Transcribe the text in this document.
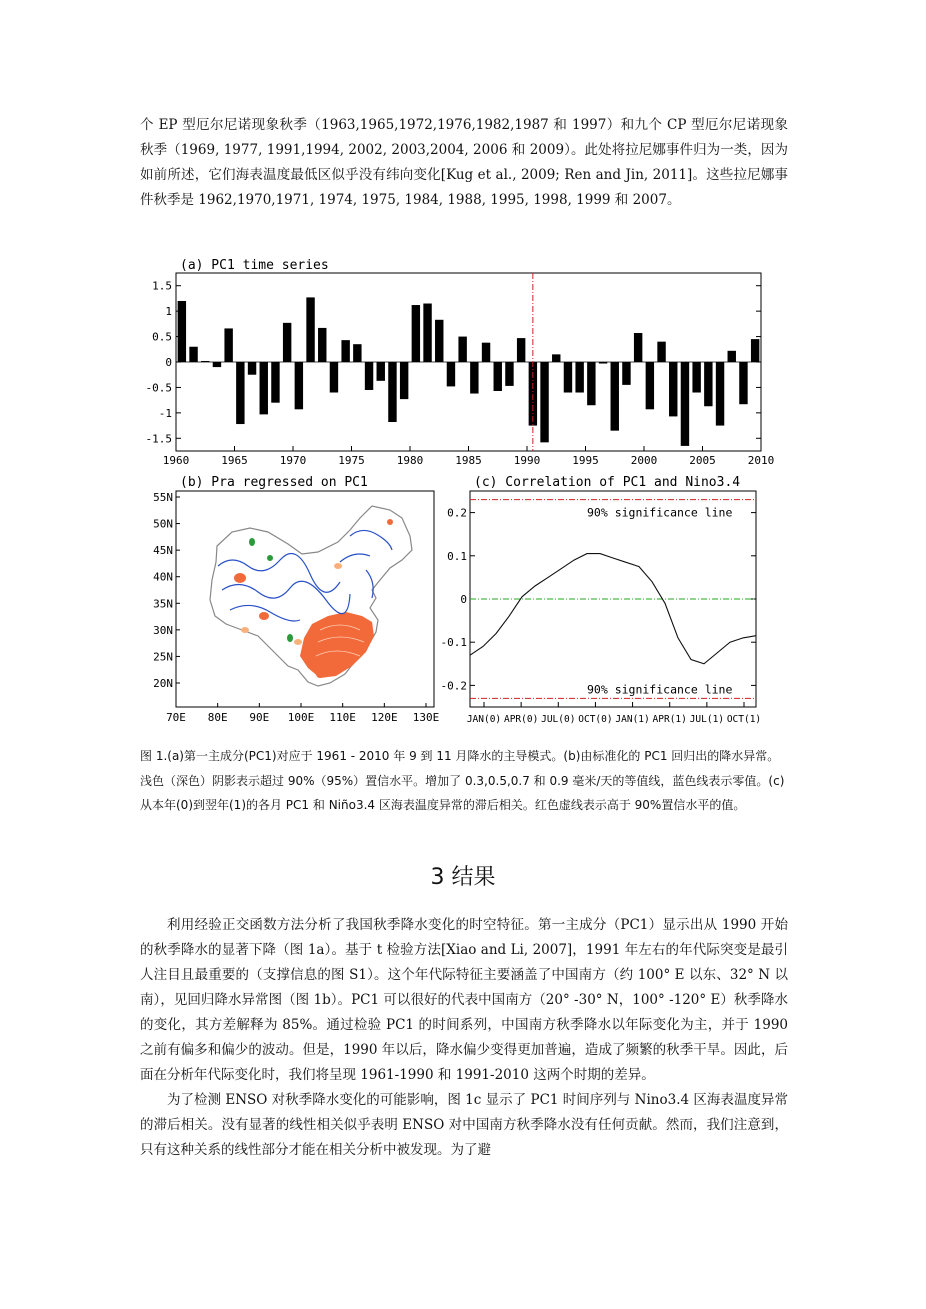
个 EP 型厄尔尼诺现象秋季（1963,1965,1972,1976,1982,1987 和 1997）和九个 CP 型厄尔尼诺现象秋季（1969, 1977, 1991,1994, 2002, 2003,2004, 2006 和 2009）。此处将拉尼娜事件归为一类，因为如前所述，它们海表温度最低区似乎没有纬向变化[Kug et al., 2009; Ren and Jin, 2011]。这些拉尼娜事件秋季是 1962,1970,1971, 1974, 1975, 1984, 1988, 1995, 1998, 1999 和 2007。

(a) PC1 time series
1.5
1
0.5
0
-0.5
-1
-1.5
1960	1965	1970	1975	1980	1985	1990	1995	2000	2005	2010
(b) Pra regressed on PC1
70E 80E 90E 100E 110E 120E 130E
55N
50N
45N
40N
35N
30N
25N
20N
(c) Correlation of PC1 and Nino3.4
0.2
0.1
0
-0.1
-0.2
JAN(0) APR(0) JUL(0) OCT(0) JAN(1) APR(1) JUL(1) OCT(1)
90% significance line
90% significance line

图 1.(a)第一主成分(PC1)对应于 1961 - 2010 年 9 到 11 月降水的主导模式。(b)由标准化的 PC1 回归出的降水异常。浅色（深色）阴影表示超过 90%（95%）置信水平。增加了 0.3,0.5,0.7 和 0.9 毫米/天的等值线，蓝色线表示零值。(c)从本年(0)到翌年(1)的各月 PC1 和 Niño3.4 区海表温度异常的滞后相关。红色虚线表示高于 90%置信水平的值。

3 结果

利用经验正交函数方法分析了我国秋季降水变化的时空特征。第一主成分（PC1）显示出从 1990 开始的秋季降水的显著下降（图 1a）。基于 t 检验方法[Xiao and Li, 2007]，1991 年左右的年代际突变是最引人注目且最重要的（支撑信息的图 S1）。这个年代际特征主要涵盖了中国南方（约 100° E 以东、32° N 以南），见回归降水异常图（图 1b）。PC1 可以很好的代表中国南方（20° -30° N，100° -120° E）秋季降水的变化，其方差解释为 85%。通过检验 PC1 的时间系列，中国南方秋季降水以年际变化为主，并于 1990 之前有偏多和偏少的波动。但是，1990 年以后，降水偏少变得更加普遍，造成了频繁的秋季干旱。因此，后面在分析年代际变化时，我们将呈现 1961-1990 和 1991-2010 这两个时期的差异。

为了检测 ENSO 对秋季降水变化的可能影响，图 1c 显示了 PC1 时间序列与 Nino3.4 区海表温度异常的滞后相关。没有显著的线性相关似乎表明 ENSO 对中国南方秋季降水没有任何贡献。然而，我们注意到，只有这种关系的线性部分才能在相关分析中被发现。为了避
